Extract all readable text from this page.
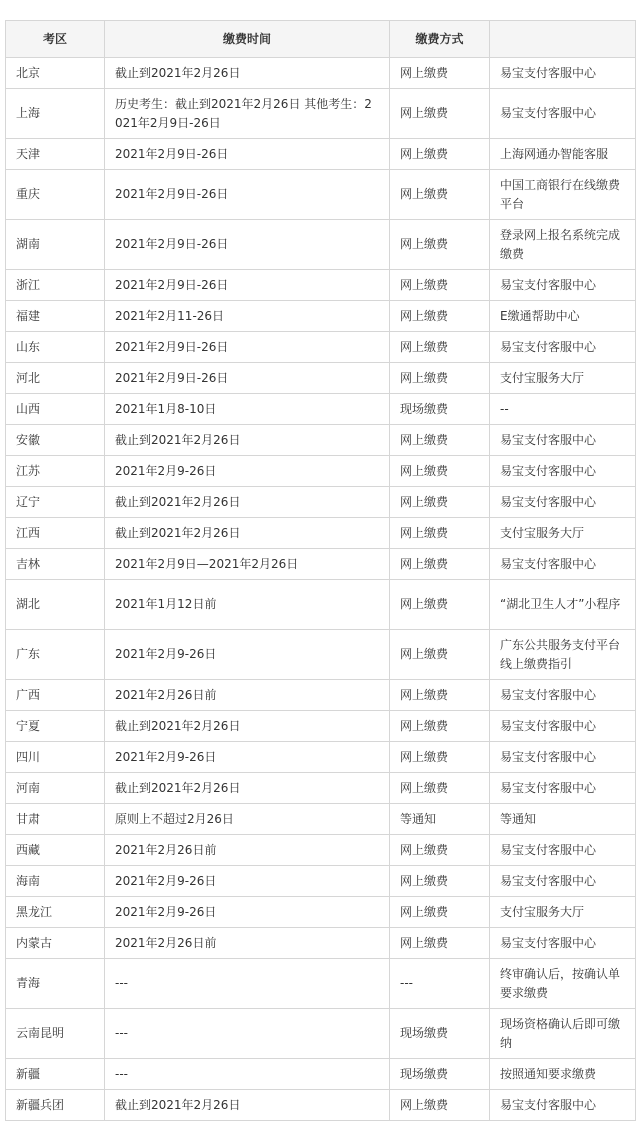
考区	缴费时间	缴费方式	
北京	截止到2021年2月26日	网上缴费	易宝支付客服中心
上海	历史考生：截止到2021年2月26日 其他考生：2021年2月9日-26日	网上缴费	易宝支付客服中心
天津	2021年2月9日-26日	网上缴费	上海网通办智能客服
重庆	2021年2月9日-26日	网上缴费	中国工商银行在线缴费平台
湖南	2021年2月9日-26日	网上缴费	登录网上报名系统完成缴费
浙江	2021年2月9日-26日	网上缴费	易宝支付客服中心
福建	2021年2月11-26日	网上缴费	E缴通帮助中心
山东	2021年2月9日-26日	网上缴费	易宝支付客服中心
河北	2021年2月9日-26日	网上缴费	支付宝服务大厅
山西	2021年1月8-10日	现场缴费	--
安徽	截止到2021年2月26日	网上缴费	易宝支付客服中心
江苏	2021年2月9-26日	网上缴费	易宝支付客服中心
辽宁	截止到2021年2月26日	网上缴费	易宝支付客服中心
江西	截止到2021年2月26日	网上缴费	支付宝服务大厅
吉林	2021年2月9日—2021年2月26日	网上缴费	易宝支付客服中心
湖北	2021年1月12日前	网上缴费	“湖北卫生人才”小程序
广东	2021年2月9-26日	网上缴费	广东公共服务支付平台线上缴费指引
广西	2021年2月26日前	网上缴费	易宝支付客服中心
宁夏	截止到2021年2月26日	网上缴费	易宝支付客服中心
四川	2021年2月9-26日	网上缴费	易宝支付客服中心
河南	截止到2021年2月26日	网上缴费	易宝支付客服中心
甘肃	原则上不超过2月26日	等通知	等通知
西藏	2021年2月26日前	网上缴费	易宝支付客服中心
海南	2021年2月9-26日	网上缴费	易宝支付客服中心
黑龙江	2021年2月9-26日	网上缴费	支付宝服务大厅
内蒙古	2021年2月26日前	网上缴费	易宝支付客服中心
青海	---	---	终审确认后，按确认单要求缴费
云南昆明	---	现场缴费	现场资格确认后即可缴纳
新疆	---	现场缴费	按照通知要求缴费
新疆兵团	截止到2021年2月26日	网上缴费	易宝支付客服中心
